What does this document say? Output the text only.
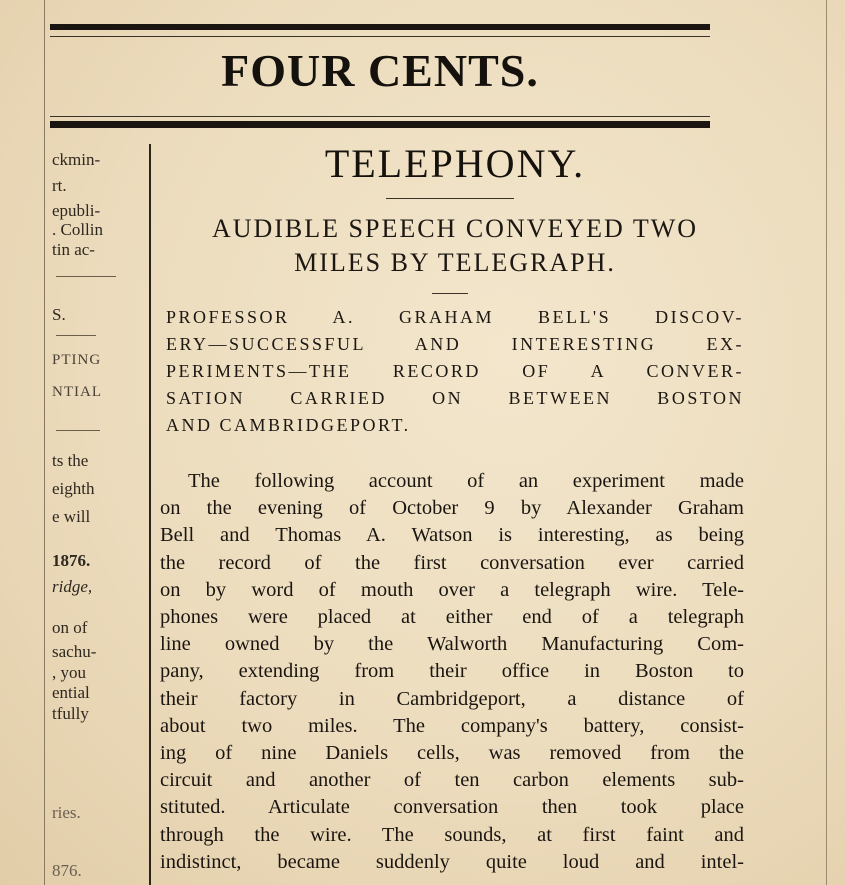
FOUR CENTS.
ckmin-
rt.
epubli-
. Collin
tin ac-
S.
PTING
NTIAL
ts the
eighth
e will
1876.
ridge,
on of
sachu-
, you
ential
tfully
ries.
876.
TELEPHONY.
AUDIBLE SPEECH CONVEYED TWO
MILES BY TELEGRAPH.
PROFESSOR A. GRAHAM BELL'S DISCOV-
ERY—SUCCESSFUL AND INTERESTING EX-
PERIMENTS—THE RECORD OF A CONVER-
SATION CARRIED ON BETWEEN BOSTON
AND CAMBRIDGEPORT.
The following account of an experiment made
on the evening of October 9 by Alexander Graham
Bell and Thomas A. Watson is interesting, as being
the record of the first conversation ever carried
on by word of mouth over a telegraph wire. Tele-
phones were placed at either end of a telegraph
line owned by the Walworth Manufacturing Com-
pany, extending from their office in Boston to
their factory in Cambridgeport, a distance of
about two miles. The company's battery, consist-
ing of nine Daniels cells, was removed from the
circuit and another of ten carbon elements sub-
stituted. Articulate conversation then took place
through the wire. The sounds, at first faint and
indistinct, became suddenly quite loud and intel-
